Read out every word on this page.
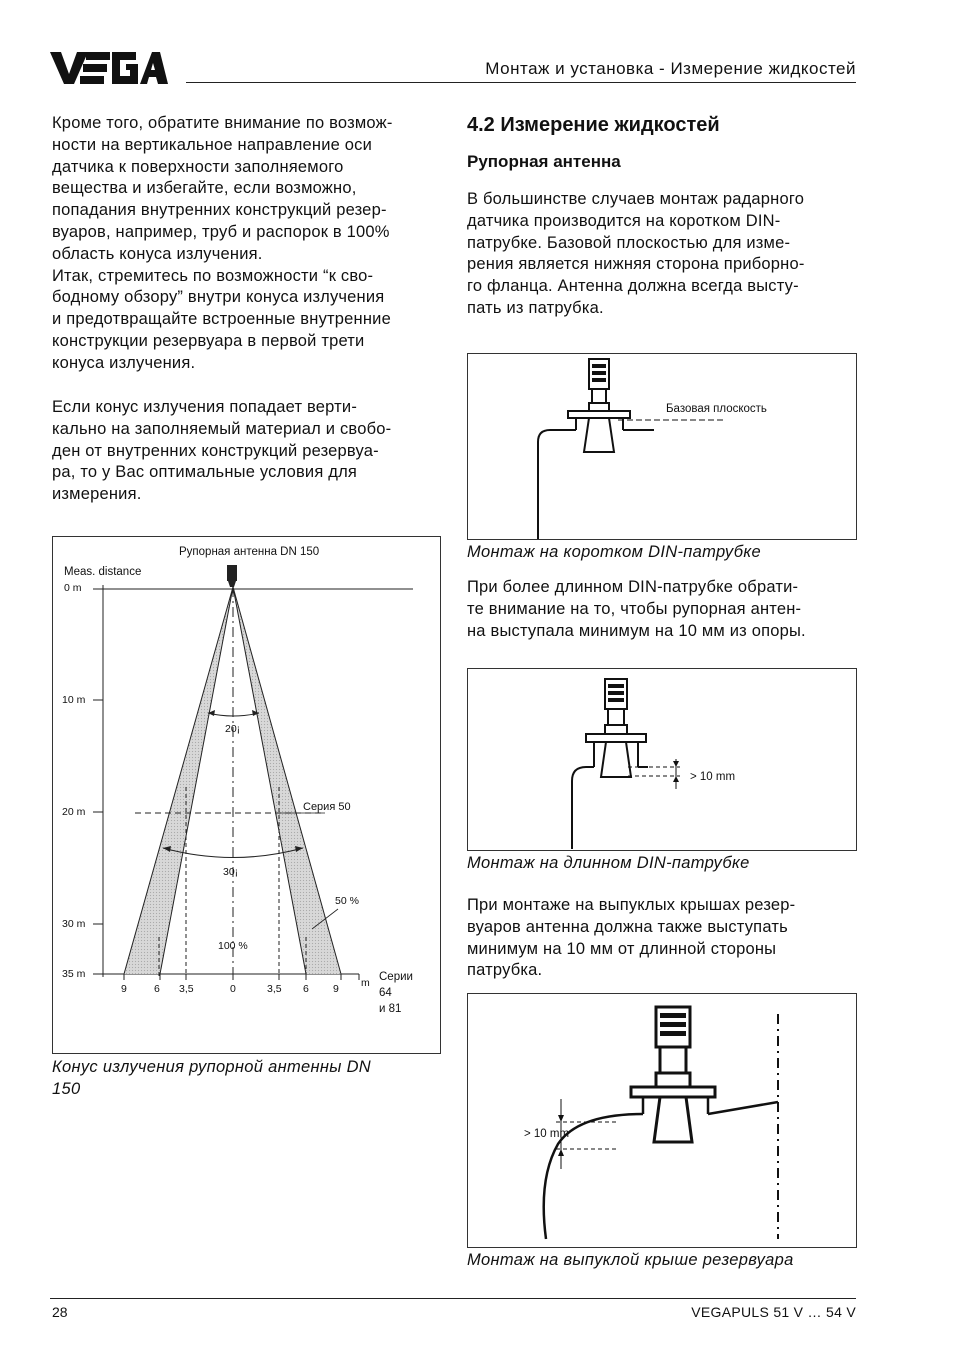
Монтаж и установка - Измерение жидкостей
Кроме того, обратите внимание по возмож-
ности на вертикальное направление оси
датчика к поверхности заполняемого
вещества и избегайте, если возможно,
попадания внутренних конструкций резер-
вуаров, например, труб и распорок в 100%
область конуса излучения.
Итак, стремитесь по возможности “к сво-
бодному обзору” внутри конуса излучения
и предотвращайте встроенные внутренние
конструкции резервуара в первой трети
конуса излучения.
Если конус излучения попадает верти-
кально на заполняемый материал и свобо-
ден от внутренних конструкций резервуа-
ра, то у Вас оптимальные условия для
измерения.
Рупорная антенна DN 150
Meas. distance
0 m
10 m
20 m
30 m
35 m
20¡
30¡
Серия 50
50 %
100 %
9	6 3,5	0	3,5 6 9 m Серии
64
и 81
Конус излучения рупорной антенны DN
150
4.2 Измерение жидкостей
Рупорная антенна
В большинстве случаев монтаж радарного
датчика производится на коротком DIN-
патрубке. Базовой плоскостью для изме-
рения является нижняя сторона приборно-
го фланца. Антенна должна всегда высту-
пать из патрубка.
Базовая плоскость
Монтаж на коротком DIN-патрубке
При более длинном DIN-патрубке обрати-
те внимание на то, чтобы рупорная антен-
на выступала минимум на 10 мм из опоры.
> 10 mm
Монтаж на длинном DIN-патрубке
При монтаже на выпуклых крышах резер-
вуаров антенна должна также выступать
минимум на 10 мм от длинной стороны
патрубка.
> 10 mm
Монтаж на выпуклой крыше резервуара
28	VEGAPULS 51 V … 54 V
